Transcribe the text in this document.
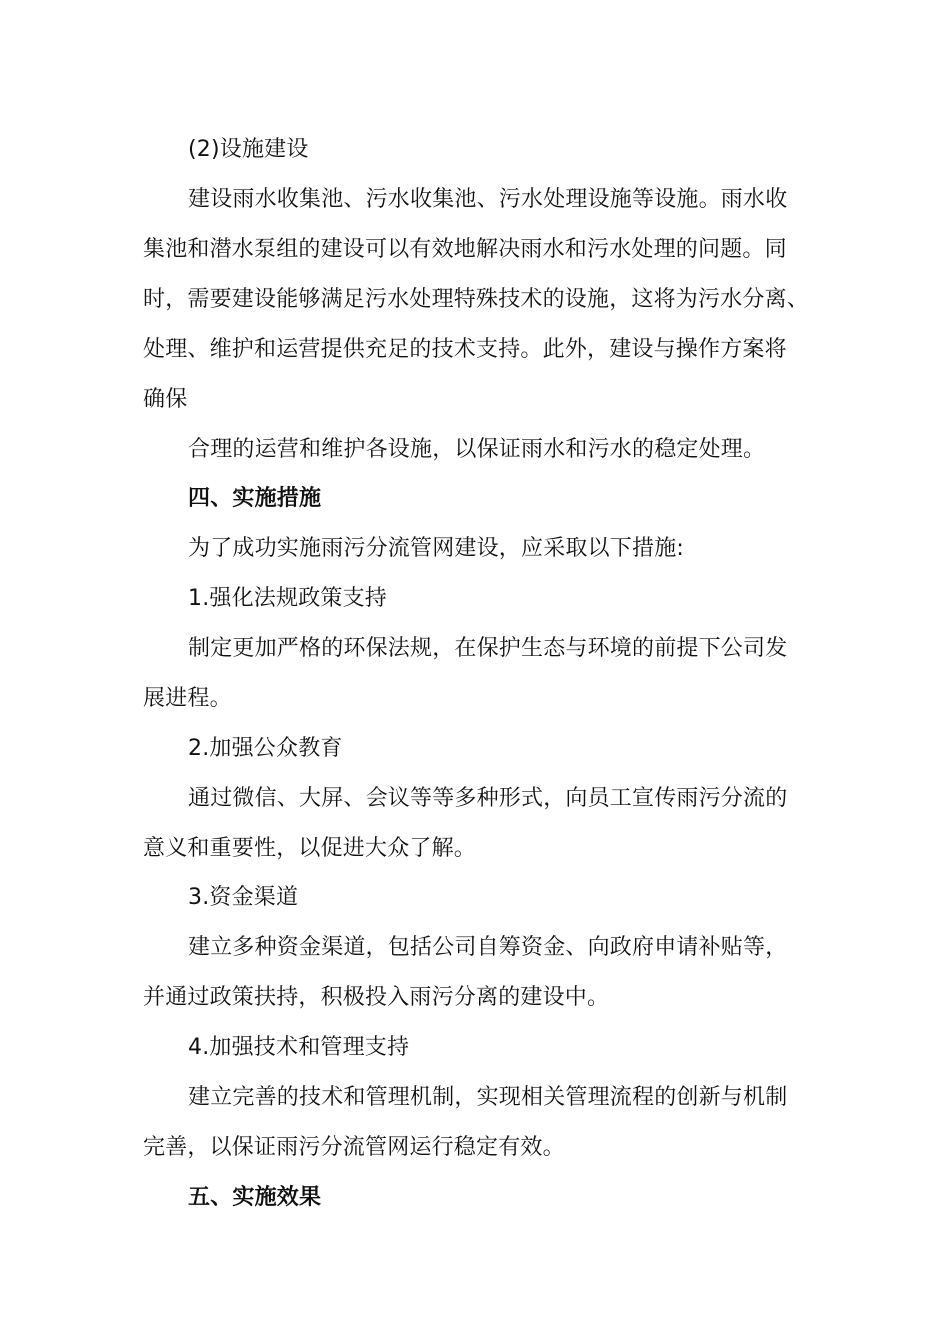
(2)设施建设
建设雨水收集池、污水收集池、污水处理设施等设施。雨水收
集池和潜水泵组的建设可以有效地解决雨水和污水处理的问题。同
时，需要建设能够满足污水处理特殊技术的设施，这将为污水分离、
处理、维护和运营提供充足的技术支持。此外，建设与操作方案将
确保
合理的运营和维护各设施，以保证雨水和污水的稳定处理。
四、实施措施
为了成功实施雨污分流管网建设，应采取以下措施:
1.强化法规政策支持
制定更加严格的环保法规，在保护生态与环境的前提下公司发
展进程。
2.加强公众教育
通过微信、大屏、会议等等多种形式，向员工宣传雨污分流的
意义和重要性，以促进大众了解。
3.资金渠道
建立多种资金渠道，包括公司自筹资金、向政府申请补贴等，
并通过政策扶持，积极投入雨污分离的建设中。
4.加强技术和管理支持
建立完善的技术和管理机制，实现相关管理流程的创新与机制
完善，以保证雨污分流管网运行稳定有效。
五、实施效果
